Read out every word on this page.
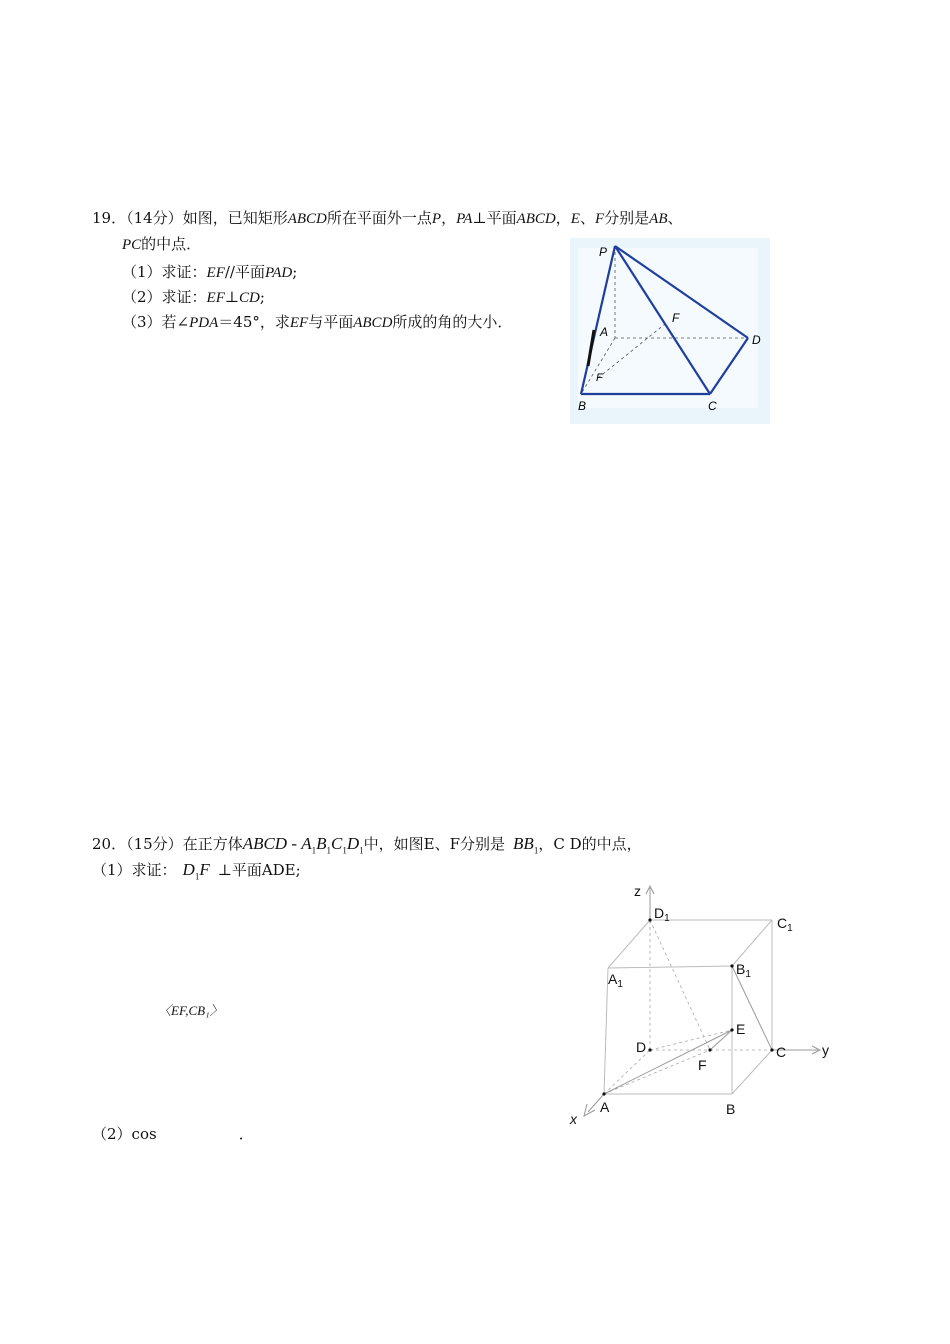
19．（14分）如图，已知矩形ABCD所在平面外一点P，PA⊥平面ABCD，E、F分别是AB、
PC的中点．
（1）求证：EF//平面PAD;
（2）求证：EF⊥CD;
（3）若∠PDA＝45°，求EF与平面ABCD所成的角的大小．
P
A
F
F
B	C
D
20．（15分）在正方体ABCD - $A_1B_1C_1D_1$中，如图E、F分别是 $BB_1$，C D的中点，
（1）求证： $D_1F$ ⊥平面ADE;
〈EF,CB₁〉
（2）cos	．
z
y
x
$D_1$	$C_1$
$A_1$
$B_1$
E
D
F
C
A	B
